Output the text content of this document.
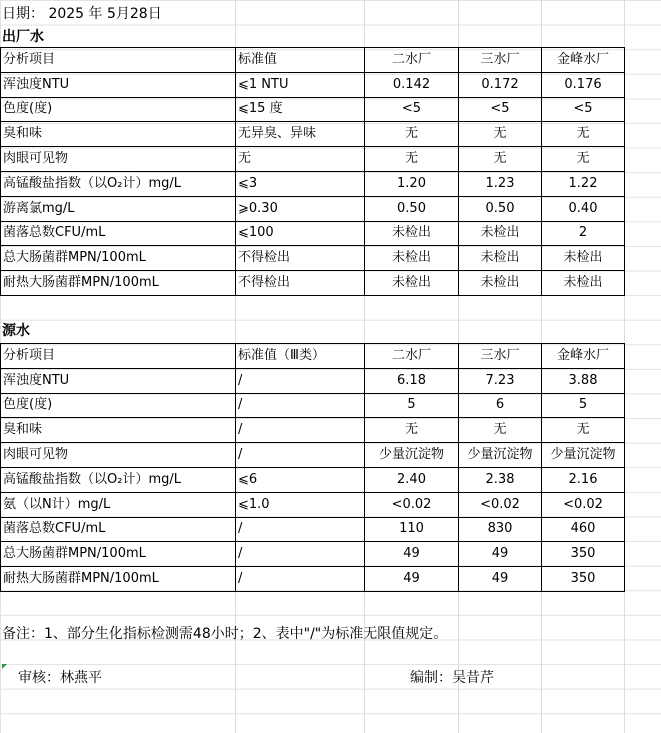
日期： 2025 年 5月28日
出厂水
分析项目	标准值	二水厂	三水厂	金峰水厂
浑浊度NTU	⩽1 NTU	0.142	0.172	0.176
色度(度)	⩽15 度	<5	<5	<5
臭和味	无异臭、异味	无	无	无
肉眼可见物	无	无	无	无
高锰酸盐指数（以O₂计）mg/L	⩽3	1.20	1.23	1.22
游离氯mg/L	⩾0.30	0.50	0.50	0.40
菌落总数CFU/mL	⩽100	未检出	未检出	2
总大肠菌群MPN/100mL	不得检出	未检出	未检出	未检出
耐热大肠菌群MPN/100mL	不得检出	未检出	未检出	未检出
源水
分析项目	标准值（Ⅲ类）	二水厂	三水厂	金峰水厂
浑浊度NTU	/	6.18	7.23	3.88
色度(度)	/	5	6	5
臭和味	/	无	无	无
肉眼可见物	/	少量沉淀物	少量沉淀物	少量沉淀物
高锰酸盐指数（以O₂计）mg/L	⩽6	2.40	2.38	2.16
氨（以N计）mg/L	⩽1.0	<0.02	<0.02	<0.02
菌落总数CFU/mL	/	110	830	460
总大肠菌群MPN/100mL	/	49	49	350
耐热大肠菌群MPN/100mL	/	49	49	350
备注：1、部分生化指标检测需48小时；2、表中"/"为标准无限值规定。
审核：林燕平	编制：吴昔芹
